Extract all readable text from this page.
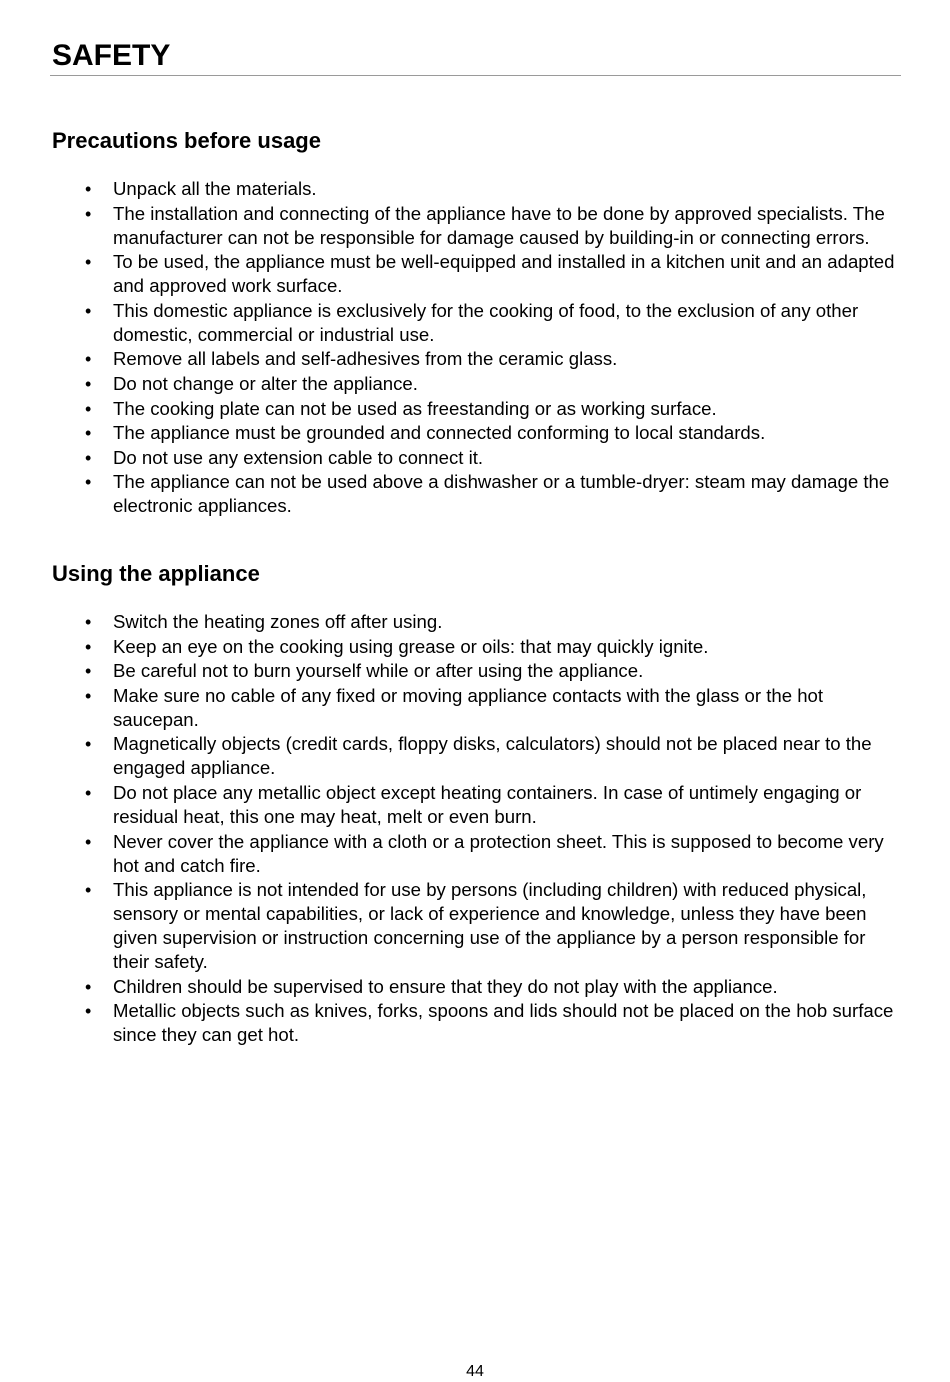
SAFETY
Precautions before usage
• Unpack all the materials.
• The installation and connecting of the appliance have to be done by approved specialists. The manufacturer can not be responsible for damage caused by building-in or connecting errors.
• To be used, the appliance must be well-equipped and installed in a kitchen unit and an adapted and approved work surface.
• This domestic appliance is exclusively for the cooking of food, to the exclusion of any other domestic, commercial or industrial use.
• Remove all labels and self-adhesives from the ceramic glass.
• Do not change or alter the appliance.
• The cooking plate can not be used as freestanding or as working surface.
• The appliance must be grounded and connected conforming to local standards.
• Do not use any extension cable to connect it.
• The appliance can not be used above a dishwasher or a tumble-dryer: steam may damage the electronic appliances.
Using the appliance
• Switch the heating zones off after using.
• Keep an eye on the cooking using grease or oils: that may quickly ignite.
• Be careful not to burn yourself while or after using the appliance.
• Make sure no cable of any fixed or moving appliance contacts with the glass or the hot saucepan.
• Magnetically objects (credit cards, floppy disks, calculators) should not be placed near to the engaged appliance.
• Do not place any metallic object except heating containers. In case of untimely engaging or residual heat, this one may heat, melt or even burn.
• Never cover the appliance with a cloth or a protection sheet. This is supposed to become very hot and catch fire.
• This appliance is not intended for use by persons (including children) with reduced physical, sensory or mental capabilities, or lack of experience and knowledge, unless they have been given supervision or instruction concerning use of the appliance by a person responsible for their safety.
• Children should be supervised to ensure that they do not play with the appliance.
• Metallic objects such as knives, forks, spoons and lids should not be placed on the hob surface since they can get hot.
44
